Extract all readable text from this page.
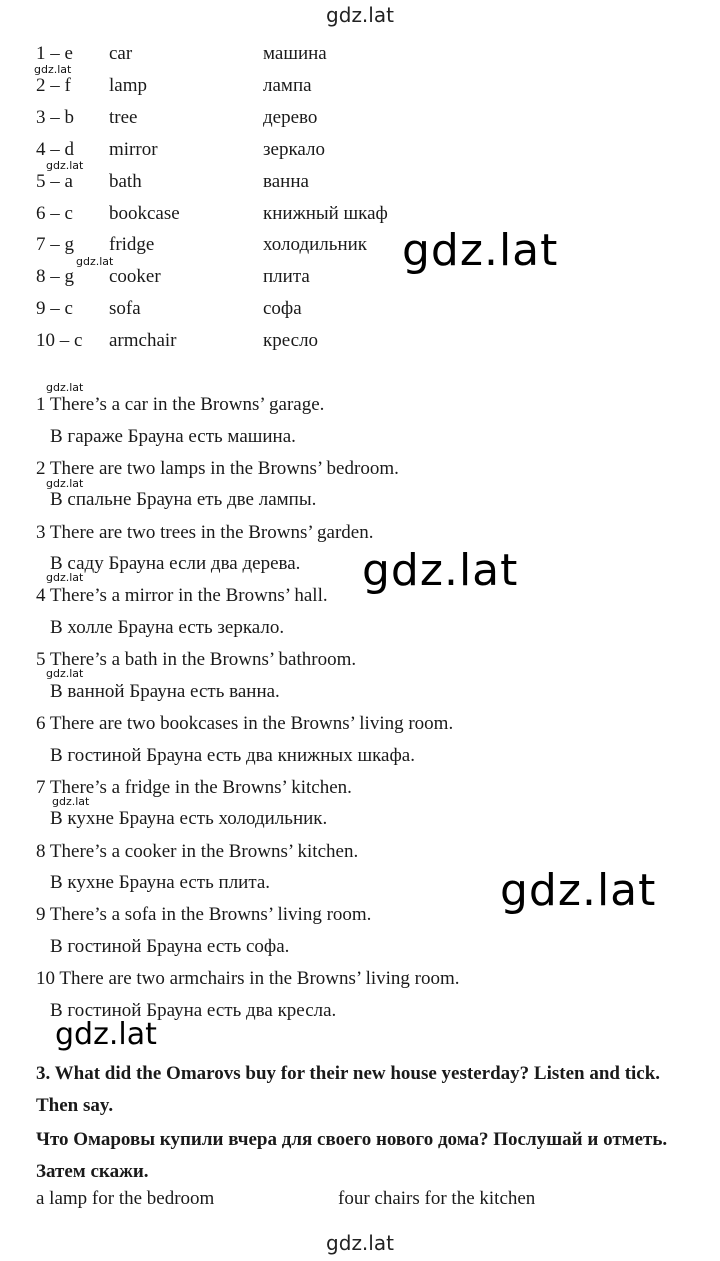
gdz.lat
1 – e car	машина
2 – f lamp	лампа
3 – b tree	дерево
4 – d mirror	зеркало
5 – a bath	ванна
6 – c bookcase	книжный шкаф
7 – g fridge	холодильник
8 – g cooker	плита
9 – c sofa	софа
10 – c armchair	кресло
1 There’s a car in the Browns’ garage.
В гараже Брауна есть машина.
2 There are two lamps in the Browns’ bedroom.
В спальне Брауна еть две лампы.
3 There are two trees in the Browns’ garden.
В саду Брауна если два дерева.
4 There’s a mirror in the Browns’ hall.
В холле Брауна есть зеркало.
5 There’s a bath in the Browns’ bathroom.
В ванной Брауна есть ванна.
6 There are two bookcases in the Browns’ living room.
В гостиной Брауна есть два книжных шкафа.
7 There’s a fridge in the Browns’ kitchen.
В кухне Брауна есть холодильник.
8 There’s a cooker in the Browns’ kitchen.
В кухне Брауна есть плита.
9 There’s a sofa in the Browns’ living room.
В гостиной Брауна есть софа.
10 There are two armchairs in the Browns’ living room.
В гостиной Брауна есть два кресла.
gdz.lat
gdz.lat
gdz.lat
gdz.lat
gdz.lat
gdz.lat
gdz.lat
gdz.lat
gdz.lat
gdz.lat
gdz.lat
gdz.lat
3. What did the Omarovs buy for their new house yesterday? Listen and tick. Then say.
Что Омаровы купили вчера для своего нового дома? Послушай и отметь. Затем скажи.
a lamp for the bedroom	four chairs for the kitchen
gdz.lat
